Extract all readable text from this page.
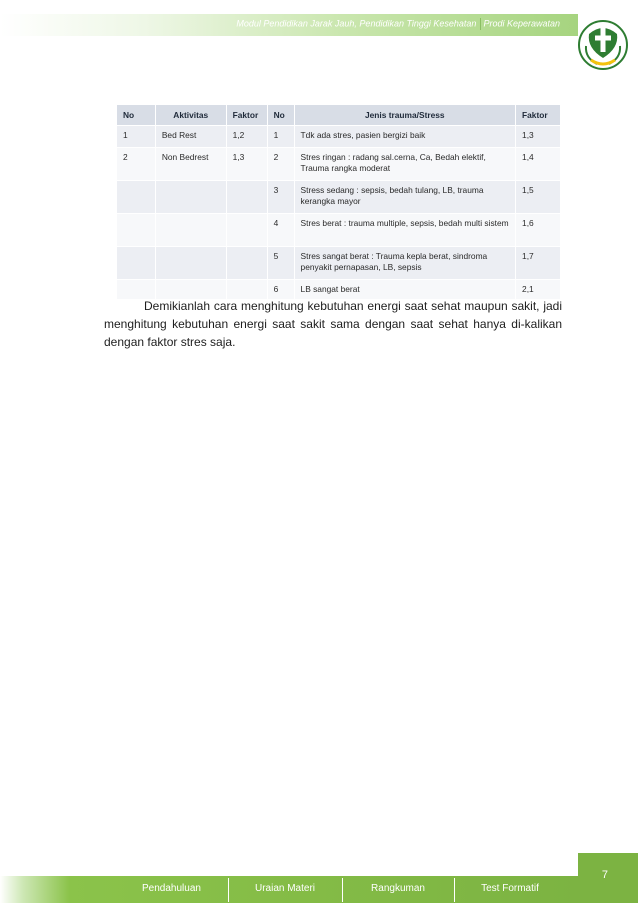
Modul Pendidikan Jarak Jauh, Pendidikan Tinggi Kesehatan Prodi Keperawatan
No	Aktivitas	Faktor	No	Jenis trauma/Stress	Faktor
1	Bed Rest	1,2	1	Tdk ada stres, pasien bergizi baik	1,3
2	Non Bedrest	1,3	2	Stres ringan : radang sal.cerna, Ca, Bedah elektif, Trauma rangka moderat	1,4
			3	Stress sedang : sepsis, bedah tulang, LB, trauma kerangka mayor	1,5
			4	Stres berat : trauma multiple, sepsis, bedah multi sistem	1,6
			5	Stres sangat berat : Trauma kepla berat, sindroma penyakit pernapasan, LB, sepsis	1,7
			6	LB sangat berat	2,1

Demikianlah cara menghitung kebutuhan energi saat sehat maupun sakit, jadi menghitung kebutuhan energi saat sakit sama dengan saat sehat hanya di-kalikan dengan faktor stres saja.

Pendahuluan	Uraian Materi	Rangkuman	Test Formatif
7
